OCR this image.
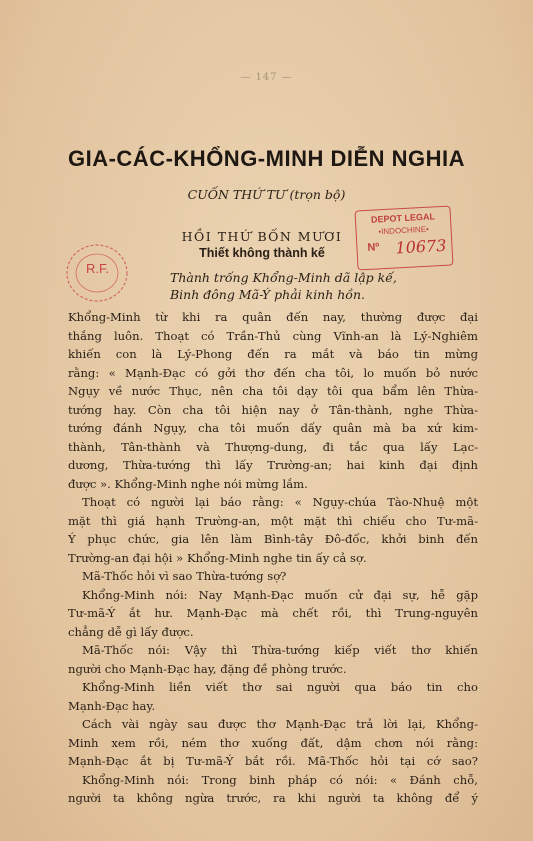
— 147 —
GIA-CÁC-KHỔNG-MINH DIỄN NGHIA
CUỐN THỨ TƯ (trọn bộ)
HỒI THỨ BỐN MƯƠI
Thiết không thành kế
Thành trống Khổng-Minh dã lập kế,
Binh đông Mã-Ý phải kinh hồn.
DEPOT LEGAL
•INDOCHINE•
Nº 10673
R.F.
Khổng-Minh từ khi ra quân đến nay, thường được đại
thắng luôn. Thoạt có Trần-Thủ cùng Vĩnh-an là Lý-Nghiêm
khiến con là Lý-Phong đến ra mắt và báo tin mừng
rằng: « Mạnh-Đạc có gởi thơ đến cha tôi, lo muốn bỏ nước
Ngụy về nước Thục, nên cha tôi dạy tôi qua bẩm lên Thừa-
tướng hay. Còn cha tôi hiện nay ở Tân-thành, nghe Thừa-
tướng đánh Ngụy, cha tôi muốn dấy quân mà ba xứ kim-
thành, Tân-thành và Thượng-dung, đi tắc qua lấy Lạc-
dương, Thừa-tướng thì lấy Trường-an; hai kinh đại định
được ». Khổng-Minh nghe nói mừng lắm.
Thoạt có người lại báo rằng: « Ngụy-chúa Tào-Nhuệ một
mặt thì giá hạnh Trường-an, một mặt thì chiếu cho Tư-mã-
Ý phục chức, gia lên làm Bình-tây Đô-đốc, khởi binh đến
Trường-an đại hội » Khổng-Minh nghe tin ấy cả sợ.
Mã-Thốc hỏi vì sao Thừa-tướng sợ?
Khổng-Minh nói: Nay Mạnh-Đạc muốn cử đại sự, hễ gặp
Tư-mã-Ý ắt hư. Mạnh-Đạc mà chết rồi, thì Trung-nguyên
chẳng dễ gì lấy được.
Mã-Thốc nói: Vậy thì Thừa-tướng kiếp viết thơ khiến
người cho Mạnh-Đạc hay, đặng đề phòng trước.
Khổng-Minh liền viết thơ sai người qua báo tin cho
Mạnh-Đạc hay.
Cách vài ngày sau được thơ Mạnh-Đạc trả lời lại, Khổng-
Minh xem rồi, ném thơ xuống đất, dậm chơn nói rằng:
Mạnh-Đạc ắt bị Tư-mã-Ý bắt rồi. Mã-Thốc hỏi tại cớ sao?
Khổng-Minh nói: Trong binh pháp có nói: « Đánh chỗ,
người ta không ngừa trước, ra khi người ta không để ý
